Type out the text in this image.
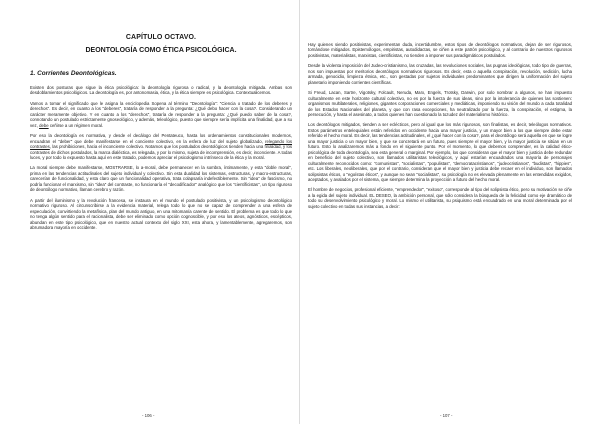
CAPÍTULO OCTAVO.
DEONTOLOGÍA COMO ÉTICA PSICOLÓGICA.
1. Corrientes Deontológicas.

Existen dos posturas que sigue la ética psicológica: la deontología rigurosa o radical, y la deontología mitigada. Ambas son desdoblamientos psicológicos. La deontología es, por antonomasia, ética, y la ética siempre es psicológica. Contextualicemos.

Vamos a tomar el significado que le asigna la enciclopedia Sopena al término "Deontología": "Ciencia o tratado de los deberes y derechos". Es decir, en cuanto a los "deberes", trataría de responder a la pregunta: ¿Qué debo hacer con la cosa?. Considerando un carácter meramente objetivo. Y en cuanto a los "derechos", trataría de responder a la pregunta: ¿Qué puedo saber de la cosa?, connotando un postulado estrictamente gnoseológico, y además, teleológico, puesto que siempre sería implícita una finalidad, que a su vez, debe ceñirse a un régimen moral.

Por eso la deontología es normativa, y desde el decálogo del Pentateuco, hasta los ordenamientos constitucionales modernos, encuadran el "deber" que debe manifestarse en el conciente colectivo, en la esfera de luz del sujeto globalizado, relegando los contrastes, las prohibiciones, hacia el inconciente colectivo. Notamos que los postulados deontológicos tienden hacia una finalidad, y los contrastes de dichos postulados, la marca dialéctica, es relegada, y por lo mismo, sujeta de incomprensión, es decir, inconciente. A todas luces, y por todo lo expuesto hasta aquí en este tratado, podemos apreciar el psicologismo intrínseco de la ética y la moral.

La moral siempre debe manifestarse, MOSTRARSE, lo a-moral, debe permanecer en la sombra, íntimamente, y esta "doble moral", prima en las tendencias actitudinales del sujeto individual y colectivo. Sin esta dualidad los sistemas, estructuras, y macro-estructuras, carecerían de funcionalidad, y esta claro que un funcionalidad operativa, trata colapsaría indefectiblemente. Sin "idea" de fascismo, no podría funcionar el marxismo, sin "idea" del contraste, no funcionaría el "decodificador" analógico que los "científicistas", un tipo riguroso de deontólogo normativo, llaman cerebro y razón.

A partir del iluminismo y la revolución francesa, se instaura en el mundo el postulado positivista, y un psicologismo deontológico normativo riguroso. Al circunscribirse a la evidencia material, relega todo lo que no se capaz de comprender a una esfera de especulación, convirtiendo la metafísica, plan del mundo antiguo, en una mitomanía carente de sentido. El problema es que todo lo que no tenga algún sentido para el racionalista, debe ser eliminado como opción cognoscible, y por eso los ateos, agnósticos, escépticos, abundan en este tipo psicológico, que en nuestro actual contexto del siglo XXI, esta ahora, y lamentablemente, agregaremos, son abrumadora mayoría en occidente.

Hay quienes siendo positivistas, experimentan duda, incertidumbre, estos tipos de deontólogos normativos, dejan de ser rigurosos, tornándose mitigados. Epistemólogos, empiristas, autodidactas, se ciñen a este patrón psicológico, y al contrario de nuestros rigurosos positivistas, materialistas, marxistas, cientificistas, no tienden a imponer sus paradigmáticos postulados.

Desde la violenta imposición del Judeo-cristianismo, las cruzadas, las revoluciones sociales, las pugnas ideológicas, todo tipo de guerras, nos son impuestas por meritorios deontólogos normativos rigurosos. Es decir, esta o aquella conspiración, revolución, sedición, lucha armada, genocidio, limpieza étnica, etc., son gestadas por sujetos individuales predominantes que dirigen la uniformación del sujeto planetario imponiendo corrientes científicas.

Si Freud, Lacan, Sartre, Vigotsky, Folcault, Neruda, Marx, Engels, Trotsky, Darwin, por solo nombrar a algunos, se han impuesto culturalmente en este horizonte cultural colectivo, no es por la fuerza de sus ideas, sino por la intolerancia de quienes las sostienen: organismos multilaterales, religiones, gigantes corporaciones comerciales y mediáticas, imponiendo su visión del mundo a cada totalidad de los Estados Nacionales del planeta, y que con rasa excepciones, ha neutralizado por la fuerza, la conspiración, el estigma, la persecución, y hasta el asesinato, a todos quienes han cuestionado la tozudez del materialismo histórico.

Los deontólogos mitigados, tienden a ser eclécticos, pero al igual que los más rigurosos, son finalistas, es decir, teleólogos normativos. Estos parámetros entelequiales están referidos en occidente hacia una mayor justicia, y un mayor bien a los que siempre debe estar referido el hecho moral. Es decir, las tendencias actitudinales, el ¿qué hacer con la cosa?, para el deontólogo será aquella en que se logre una mayor justicia o un mayor bien, y que se concretará en un futuro, pues siempre el mayor bien, y la mayor justicia se sitúan en un futuro. Esto lo analizaremos más a fondo en el siguiente punto. Por el momento, lo que debemos comprender, es la calidad ético-psicológica de toda deontología, sea esta general o marginal. Por ejemplo, los que consideran que el mayor bien y justicia debe redundar en beneficio del sujeto colectivo, son llamados utilitaristas teleológicos, y aquí estarían encuadrados una mayoría de personajes culturalmente reconocidos como: "comunistas", "socialistas", "populistas", "democratacristianos", "judeocristianos", "budistas", "hippies", etc. Los liberales, neoliberales, que por el contrario, consideran que el mayor bien y justicia debe recaer en el individuo, son llamados solipsistas éticos, o "egoístas éticos", y aunque no sean "socialistas", su psicología no es elevada plenamente en las entendidas exigidos, aceptados, y avalados por el sistema, que siempre determina la proyección a futuro del hecho moral.

El hombre de negocios, profesional eficiente, "emprendedor", "exitoso", corresponde al tipo del solipsista ético, pero su motivación se ciñe a la egida del sujeto individual. EL DESEO, la ambición personal, que sólo considera la búsqueda de la felicidad como eje dramático de todo su desenvolvimiento psicológico y moral. Lo mismo el utilitarista, su psiquismo está encuadrado en una moral determinada por el sujeto colectivo en todas sus instancias, a decir:

- 106 -	- 107 -
